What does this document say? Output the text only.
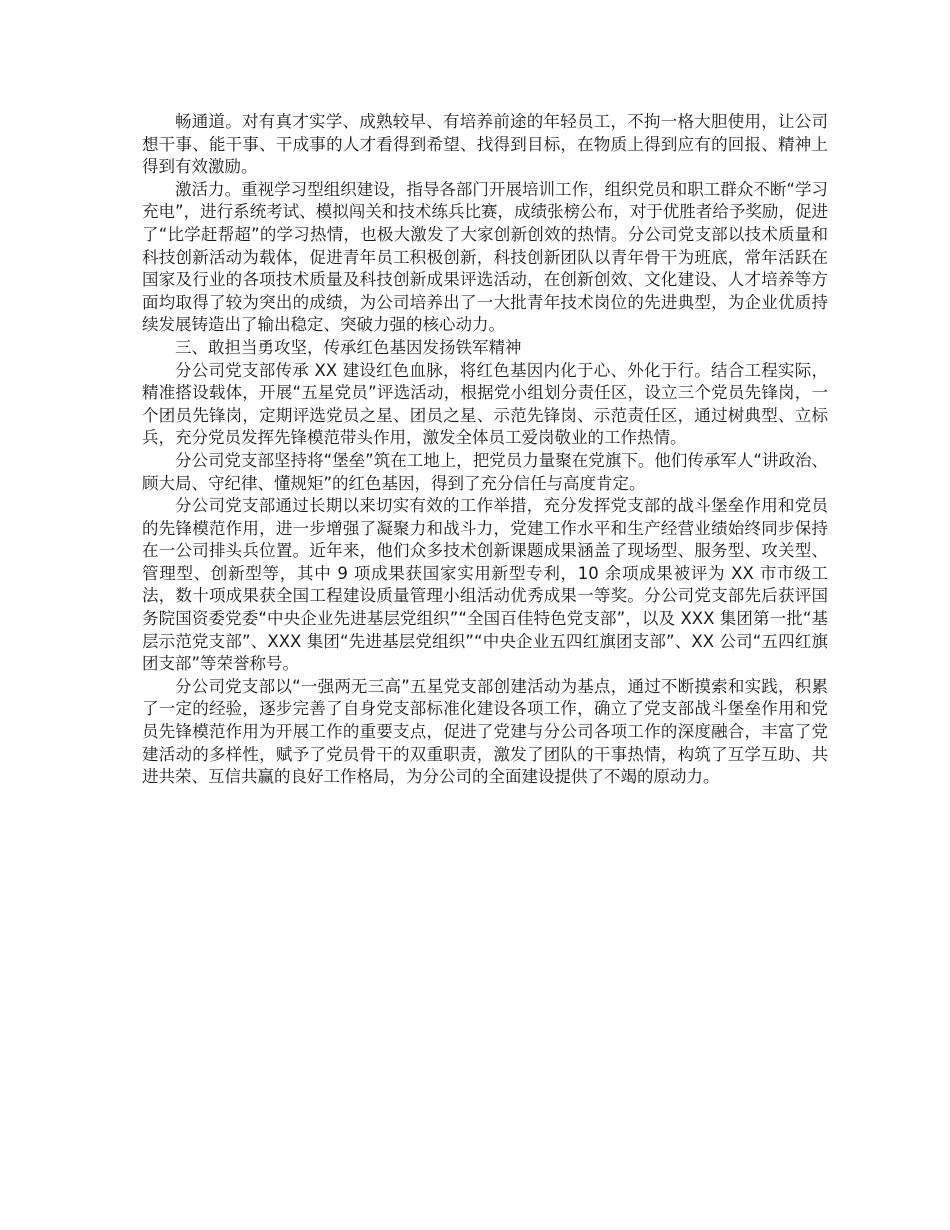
畅通道。对有真才实学、成熟较早、有培养前途的年轻员工，不拘一格大胆使用，让公司想干事、能干事、干成事的人才看得到希望、找得到目标，在物质上得到应有的回报、精神上得到有效激励。

激活力。重视学习型组织建设，指导各部门开展培训工作，组织党员和职工群众不断“学习充电”，进行系统考试、模拟闯关和技术练兵比赛，成绩张榜公布，对于优胜者给予奖励，促进了“比学赶帮超”的学习热情，也极大激发了大家创新创效的热情。分公司党支部以技术质量和科技创新活动为载体，促进青年员工积极创新，科技创新团队以青年骨干为班底，常年活跃在国家及行业的各项技术质量及科技创新成果评选活动，在创新创效、文化建设、人才培养等方面均取得了较为突出的成绩，为公司培养出了一大批青年技术岗位的先进典型，为企业优质持续发展铸造出了输出稳定、突破力强的核心动力。

三、敢担当勇攻坚，传承红色基因发扬铁军精神

分公司党支部传承 XX 建设红色血脉，将红色基因内化于心、外化于行。结合工程实际，精准搭设载体，开展“五星党员”评选活动，根据党小组划分责任区，设立三个党员先锋岗，一个团员先锋岗，定期评选党员之星、团员之星、示范先锋岗、示范责任区，通过树典型、立标兵，充分党员发挥先锋模范带头作用，激发全体员工爱岗敬业的工作热情。

分公司党支部坚持将“堡垒”筑在工地上，把党员力量聚在党旗下。他们传承军人“讲政治、顾大局、守纪律、懂规矩”的红色基因，得到了充分信任与高度肯定。

分公司党支部通过长期以来切实有效的工作举措，充分发挥党支部的战斗堡垒作用和党员的先锋模范作用，进一步增强了凝聚力和战斗力，党建工作水平和生产经营业绩始终同步保持在一公司排头兵位置。近年来，他们众多技术创新课题成果涵盖了现场型、服务型、攻关型、管理型、创新型等，其中 9 项成果获国家实用新型专利，10 余项成果被评为 XX 市市级工法，数十项成果获全国工程建设质量管理小组活动优秀成果一等奖。分公司党支部先后获评国务院国资委党委“中央企业先进基层党组织”“全国百佳特色党支部”，以及 XXX 集团第一批“基层示范党支部”、XXX 集团“先进基层党组织”“中央企业五四红旗团支部”、XX 公司“五四红旗团支部”等荣誉称号。

分公司党支部以“一强两无三高”五星党支部创建活动为基点，通过不断摸索和实践，积累了一定的经验，逐步完善了自身党支部标准化建设各项工作，确立了党支部战斗堡垒作用和党员先锋模范作用为开展工作的重要支点，促进了党建与分公司各项工作的深度融合，丰富了党建活动的多样性，赋予了党员骨干的双重职责，激发了团队的干事热情，构筑了互学互助、共进共荣、互信共赢的良好工作格局，为分公司的全面建设提供了不竭的原动力。
